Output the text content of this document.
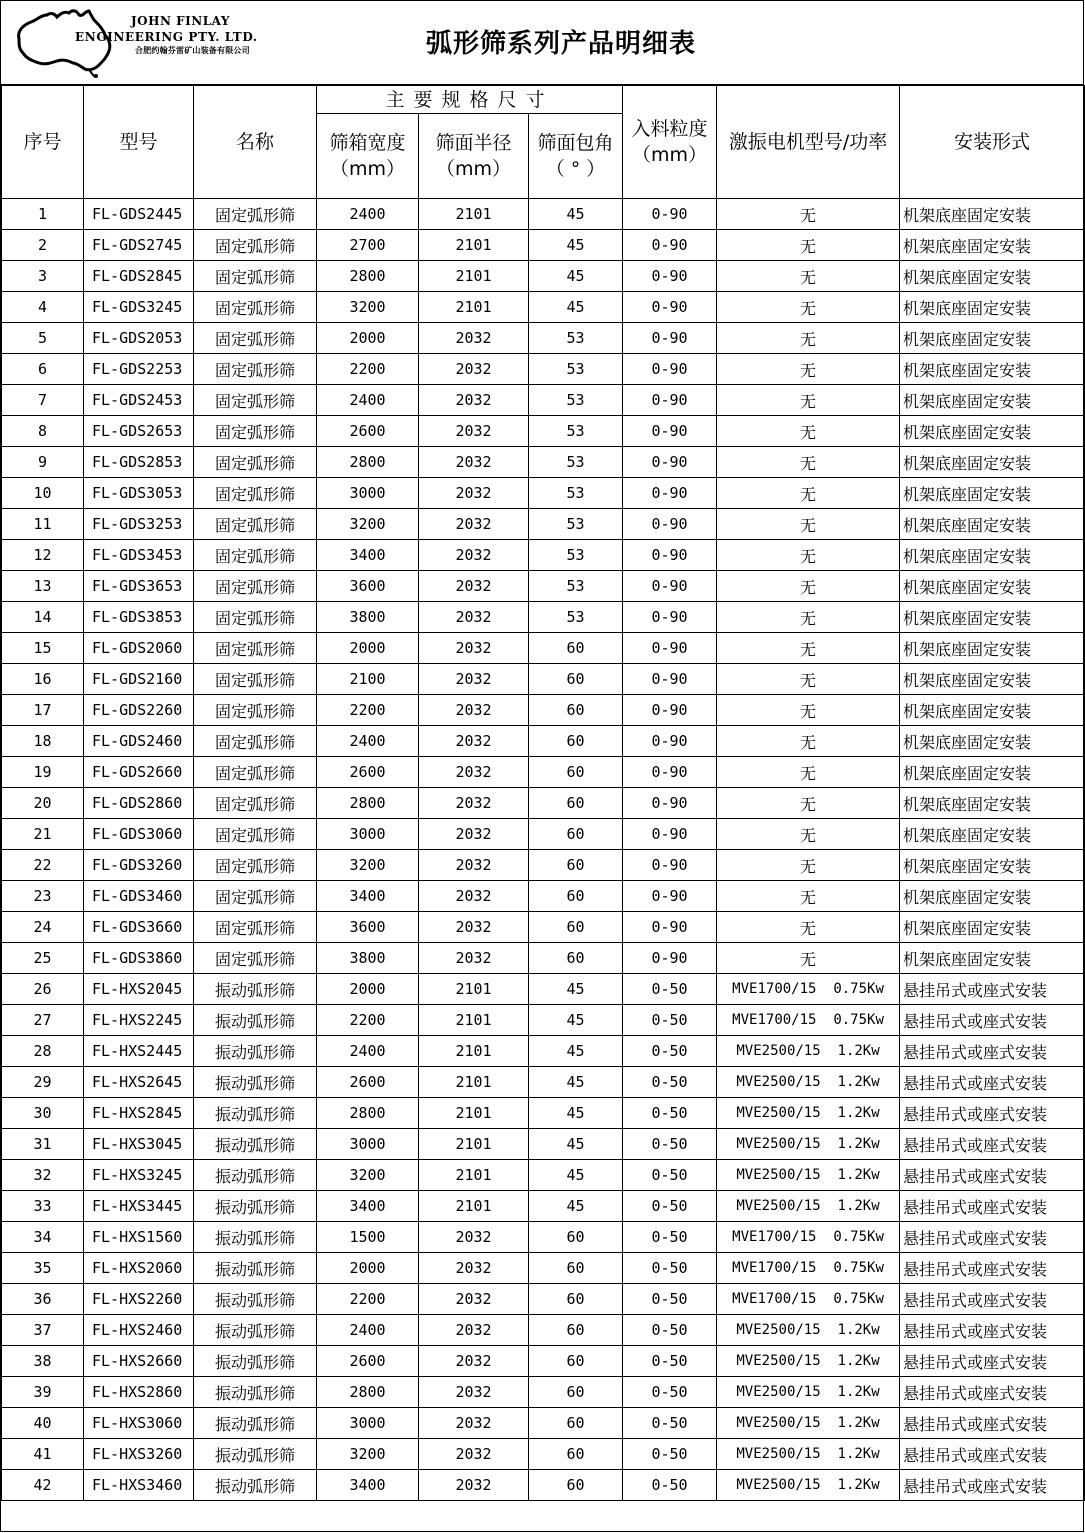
JOHN FINLAY
ENGINEERING PTY. LTD.
合肥约翰芬雷矿山装备有限公司	弧形筛系列产品明细表
序号	型号	名称	主要规格尺寸			入料粒度（mm）	激振电机型号/功率	安装形式
			筛箱宽度（mm）	筛面半径（mm）	筛面包角（ ° ）			
1	FL-GDS2445	固定弧形筛	2400	2101	45	0-90	无	机架底座固定安装
2	FL-GDS2745	固定弧形筛	2700	2101	45	0-90	无	机架底座固定安装
3	FL-GDS2845	固定弧形筛	2800	2101	45	0-90	无	机架底座固定安装
4	FL-GDS3245	固定弧形筛	3200	2101	45	0-90	无	机架底座固定安装
5	FL-GDS2053	固定弧形筛	2000	2032	53	0-90	无	机架底座固定安装
6	FL-GDS2253	固定弧形筛	2200	2032	53	0-90	无	机架底座固定安装
7	FL-GDS2453	固定弧形筛	2400	2032	53	0-90	无	机架底座固定安装
8	FL-GDS2653	固定弧形筛	2600	2032	53	0-90	无	机架底座固定安装
9	FL-GDS2853	固定弧形筛	2800	2032	53	0-90	无	机架底座固定安装
10	FL-GDS3053	固定弧形筛	3000	2032	53	0-90	无	机架底座固定安装
11	FL-GDS3253	固定弧形筛	3200	2032	53	0-90	无	机架底座固定安装
12	FL-GDS3453	固定弧形筛	3400	2032	53	0-90	无	机架底座固定安装
13	FL-GDS3653	固定弧形筛	3600	2032	53	0-90	无	机架底座固定安装
14	FL-GDS3853	固定弧形筛	3800	2032	53	0-90	无	机架底座固定安装
15	FL-GDS2060	固定弧形筛	2000	2032	60	0-90	无	机架底座固定安装
16	FL-GDS2160	固定弧形筛	2100	2032	60	0-90	无	机架底座固定安装
17	FL-GDS2260	固定弧形筛	2200	2032	60	0-90	无	机架底座固定安装
18	FL-GDS2460	固定弧形筛	2400	2032	60	0-90	无	机架底座固定安装
19	FL-GDS2660	固定弧形筛	2600	2032	60	0-90	无	机架底座固定安装
20	FL-GDS2860	固定弧形筛	2800	2032	60	0-90	无	机架底座固定安装
21	FL-GDS3060	固定弧形筛	3000	2032	60	0-90	无	机架底座固定安装
22	FL-GDS3260	固定弧形筛	3200	2032	60	0-90	无	机架底座固定安装
23	FL-GDS3460	固定弧形筛	3400	2032	60	0-90	无	机架底座固定安装
24	FL-GDS3660	固定弧形筛	3600	2032	60	0-90	无	机架底座固定安装
25	FL-GDS3860	固定弧形筛	3800	2032	60	0-90	无	机架底座固定安装
26	FL-HXS2045	振动弧形筛	2000	2101	45	0-50	MVE1700/15  0.75Kw	悬挂吊式或座式安装
27	FL-HXS2245	振动弧形筛	2200	2101	45	0-50	MVE1700/15  0.75Kw	悬挂吊式或座式安装
28	FL-HXS2445	振动弧形筛	2400	2101	45	0-50	MVE2500/15  1.2Kw	悬挂吊式或座式安装
29	FL-HXS2645	振动弧形筛	2600	2101	45	0-50	MVE2500/15  1.2Kw	悬挂吊式或座式安装
30	FL-HXS2845	振动弧形筛	2800	2101	45	0-50	MVE2500/15  1.2Kw	悬挂吊式或座式安装
31	FL-HXS3045	振动弧形筛	3000	2101	45	0-50	MVE2500/15  1.2Kw	悬挂吊式或座式安装
32	FL-HXS3245	振动弧形筛	3200	2101	45	0-50	MVE2500/15  1.2Kw	悬挂吊式或座式安装
33	FL-HXS3445	振动弧形筛	3400	2101	45	0-50	MVE2500/15  1.2Kw	悬挂吊式或座式安装
34	FL-HXS1560	振动弧形筛	1500	2032	60	0-50	MVE1700/15  0.75Kw	悬挂吊式或座式安装
35	FL-HXS2060	振动弧形筛	2000	2032	60	0-50	MVE1700/15  0.75Kw	悬挂吊式或座式安装
36	FL-HXS2260	振动弧形筛	2200	2032	60	0-50	MVE1700/15  0.75Kw	悬挂吊式或座式安装
37	FL-HXS2460	振动弧形筛	2400	2032	60	0-50	MVE2500/15  1.2Kw	悬挂吊式或座式安装
38	FL-HXS2660	振动弧形筛	2600	2032	60	0-50	MVE2500/15  1.2Kw	悬挂吊式或座式安装
39	FL-HXS2860	振动弧形筛	2800	2032	60	0-50	MVE2500/15  1.2Kw	悬挂吊式或座式安装
40	FL-HXS3060	振动弧形筛	3000	2032	60	0-50	MVE2500/15  1.2Kw	悬挂吊式或座式安装
41	FL-HXS3260	振动弧形筛	3200	2032	60	0-50	MVE2500/15  1.2Kw	悬挂吊式或座式安装
42	FL-HXS3460	振动弧形筛	3400	2032	60	0-50	MVE2500/15  1.2Kw	悬挂吊式或座式安装
